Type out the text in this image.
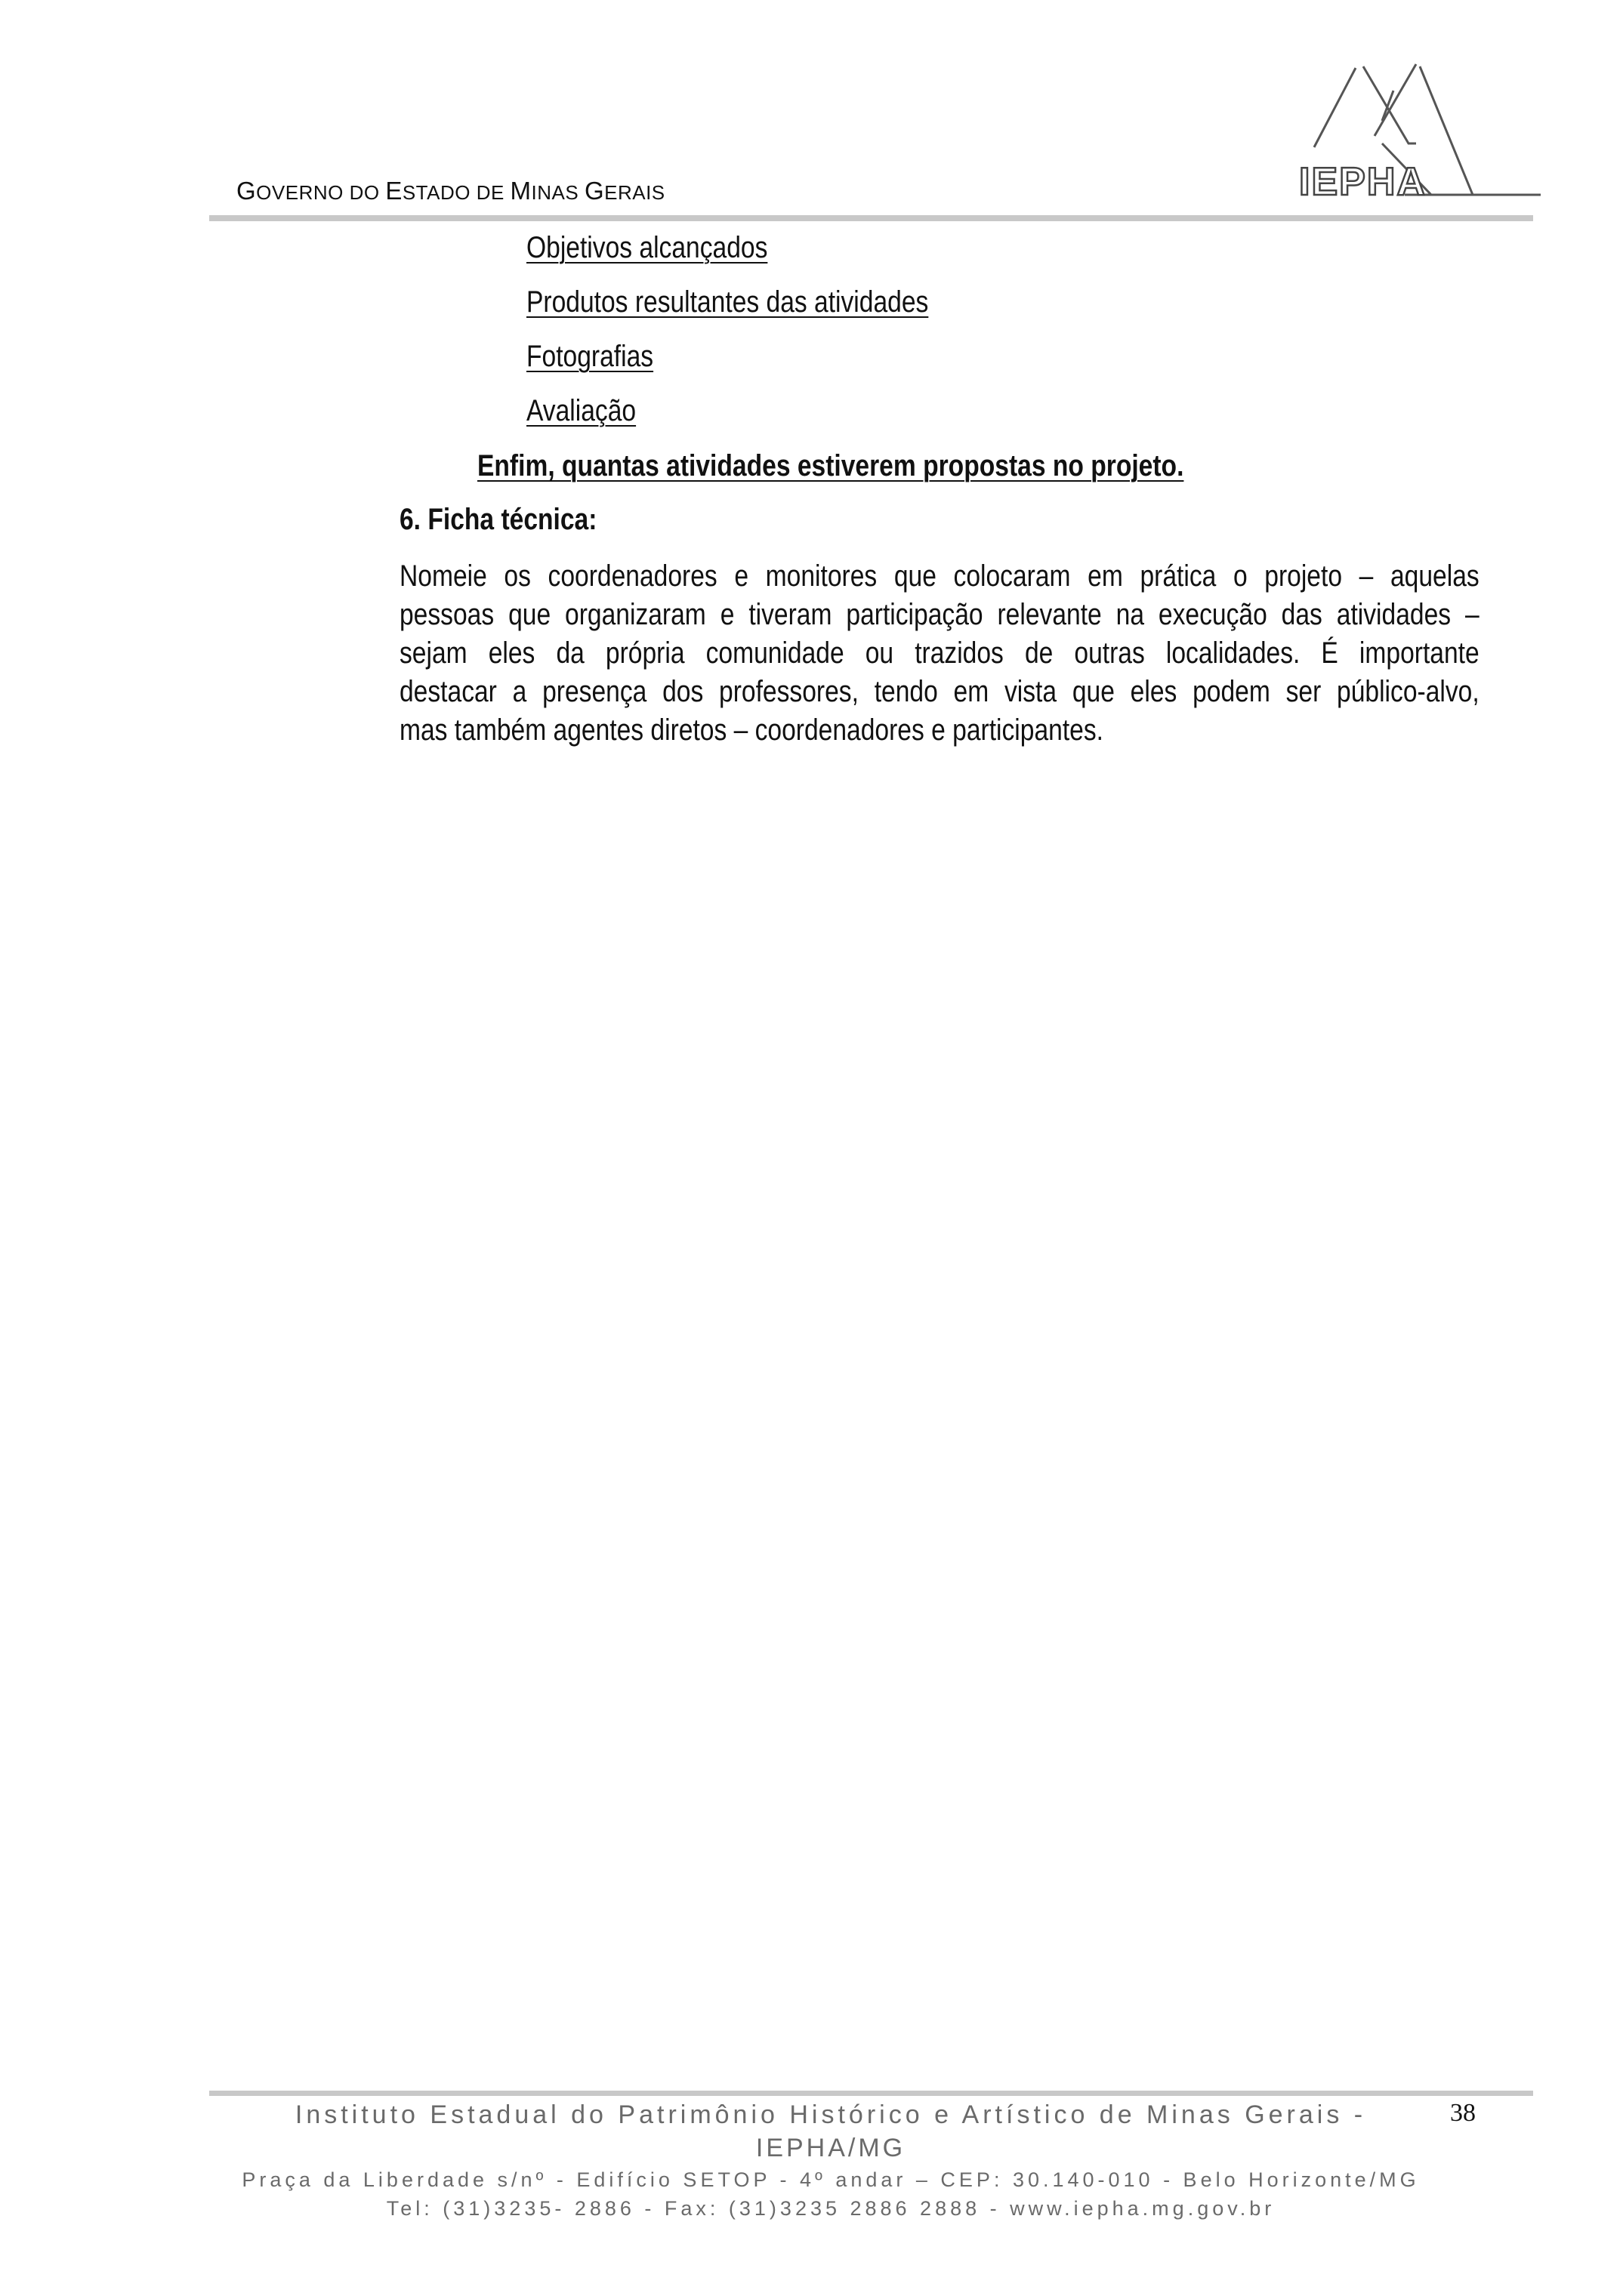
GOVERNO DO ESTADO DE MINAS GERAIS	IEPHA
Objetivos alcançados
Produtos resultantes das atividades
Fotografias
Avaliação
Enfim, quantas atividades estiverem propostas no projeto.
6. Ficha técnica:
Nomeie os coordenadores e monitores que colocaram em prática o projeto – aquelas
pessoas que organizaram e tiveram participação relevante na execução das atividades –
sejam eles da própria comunidade ou trazidos de outras localidades. É importante
destacar a presença dos professores, tendo em vista que eles podem ser público-alvo,
mas também agentes diretos – coordenadores e participantes.
Instituto Estadual do Patrimônio Histórico e Artístico de Minas Gerais -
IEPHA/MG
Praça da Liberdade s/nº - Edifício SETOP - 4º andar – CEP: 30.140-010 - Belo Horizonte/MG
Tel: (31)3235- 2886 - Fax: (31)3235 2886 2888 - www.iepha.mg.gov.br
38
